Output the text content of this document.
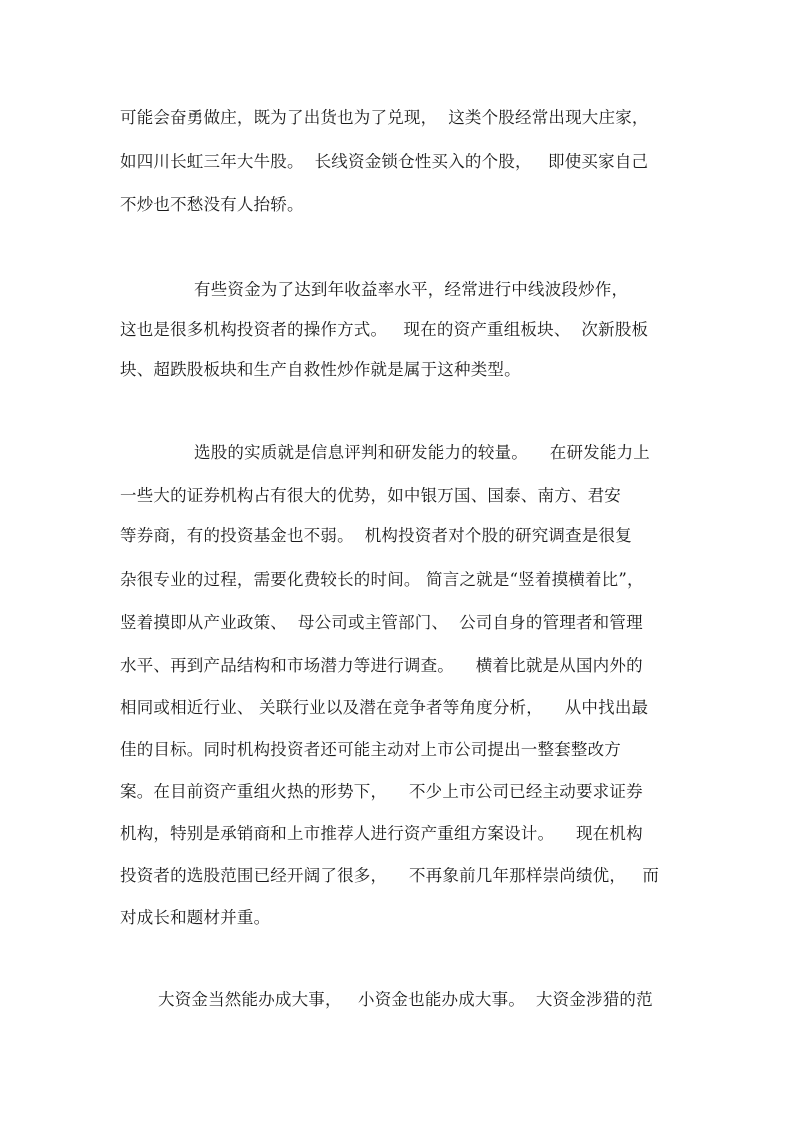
可能会奋勇做庄，既为了出货也为了兑现，  这类个股经常出现大庄家，
如四川长虹三年大牛股。  长线资金锁仓性买入的个股，   即使买家自己
不炒也不愁没有人抬轿。
有些资金为了达到年收益率水平，经常进行中线波段炒作，
这也是很多机构投资者的操作方式。   现在的资产重组板块、  次新股板
块、超跌股板块和生产自救性炒作就是属于这种类型。
选股的实质就是信息评判和研发能力的较量。    在研发能力上
一些大的证券机构占有很大的优势，如中银万国、国泰、南方、君安
等券商，有的投资基金也不弱。  机构投资者对个股的研究调查是很复
杂很专业的过程，需要化费较长的时间。 简言之就是“竖着摸横着比”，
竖着摸即从产业政策、  母公司或主管部门、  公司自身的管理者和管理
水平、再到产品结构和市场潜力等进行调查。    横着比就是从国内外的
相同或相近行业、 关联行业以及潜在竞争者等角度分析，    从中找出最
佳的目标。同时机构投资者还可能主动对上市公司提出一整套整改方
案。在目前资产重组火热的形势下，    不少上市公司已经主动要求证券
机构，特别是承销商和上市推荐人进行资产重组方案设计。    现在机构
投资者的选股范围已经开阔了很多，    不再象前几年那样崇尚绩优，   而
对成长和题材并重。
大资金当然能办成大事，   小资金也能办成大事。  大资金涉猎的范
